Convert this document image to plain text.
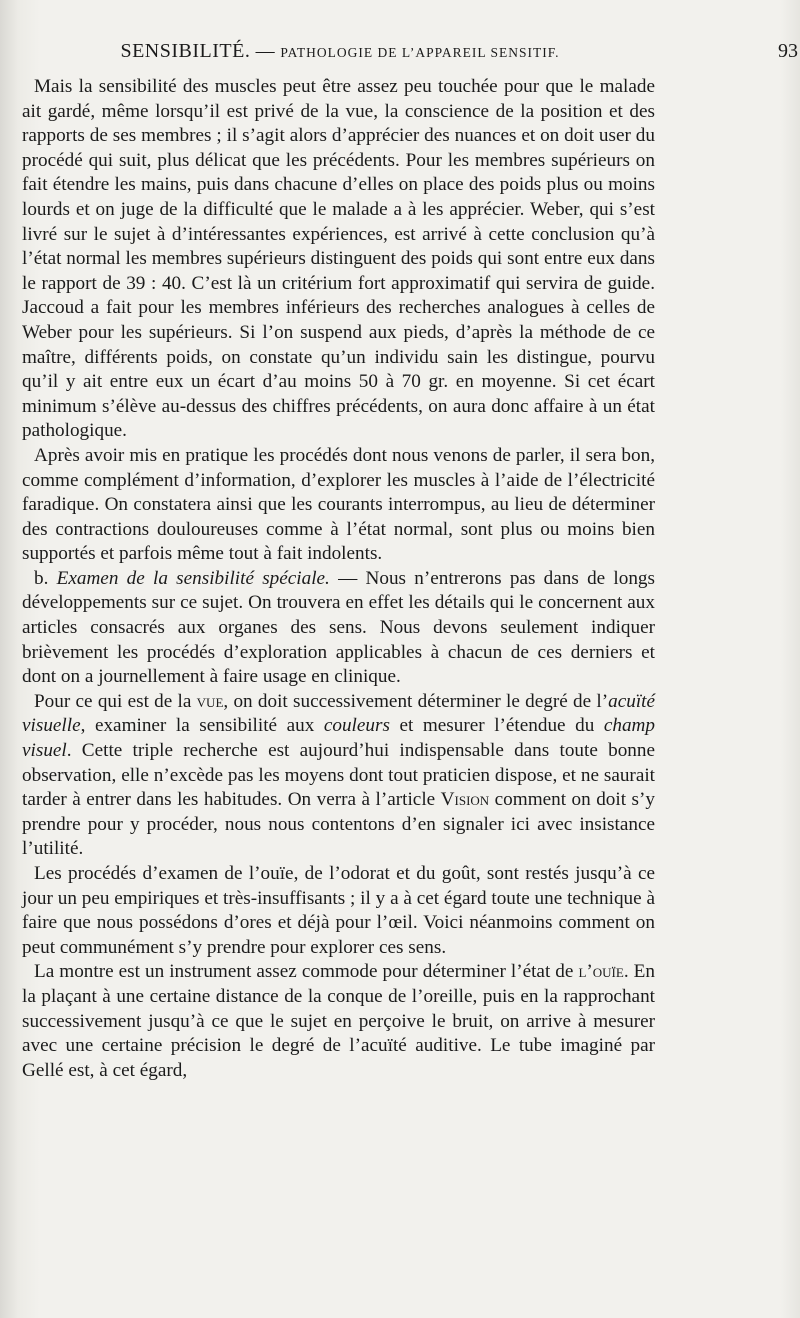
SENSIBILITÉ. — PATHOLOGIE DE L’APPAREIL SENSITIF.	93

Mais la sensibilité des muscles peut être assez peu touchée pour que le malade ait gardé, même lorsqu’il est privé de la vue, la conscience de la position et des rapports de ses membres ; il s’agit alors d’apprécier des nuances et on doit user du procédé qui suit, plus délicat que les précédents. Pour les membres supérieurs on fait étendre les mains, puis dans chacune d’elles on place des poids plus ou moins lourds et on juge de la difficulté que le malade a à les apprécier. Weber, qui s’est livré sur le sujet à d’intéressantes expériences, est arrivé à cette conclusion qu’à l’état normal les membres supérieurs distinguent des poids qui sont entre eux dans le rapport de 39 : 40. C’est là un critérium fort approximatif qui servira de guide. Jaccoud a fait pour les membres inférieurs des recherches analogues à celles de Weber pour les supérieurs. Si l’on suspend aux pieds, d’après la méthode de ce maître, différents poids, on constate qu’un individu sain les distingue, pourvu qu’il y ait entre eux un écart d’au moins 50 à 70 gr. en moyenne. Si cet écart minimum s’élève au-dessus des chiffres précédents, on aura donc affaire à un état pathologique.

Après avoir mis en pratique les procédés dont nous venons de parler, il sera bon, comme complément d’information, d’explorer les muscles à l’aide de l’électricité faradique. On constatera ainsi que les courants interrompus, au lieu de déterminer des contractions douloureuses comme à l’état normal, sont plus ou moins bien supportés et parfois même tout à fait indolents.

b. Examen de la sensibilité spéciale. — Nous n’entrerons pas dans de longs développements sur ce sujet. On trouvera en effet les détails qui le concernent aux articles consacrés aux organes des sens. Nous devons seulement indiquer brièvement les procédés d’exploration applicables à chacun de ces derniers et dont on a journellement à faire usage en clinique.

Pour ce qui est de la vue, on doit successivement déterminer le degré de l’acuïté visuelle, examiner la sensibilité aux couleurs et mesurer l’étendue du champ visuel. Cette triple recherche est aujourd’hui indispensable dans toute bonne observation, elle n’excède pas les moyens dont tout praticien dispose, et ne saurait tarder à entrer dans les habitudes. On verra à l’article Vision comment on doit s’y prendre pour y procéder, nous nous contentons d’en signaler ici avec insistance l’utilité.

Les procédés d’examen de l’ouïe, de l’odorat et du goût, sont restés jusqu’à ce jour un peu empiriques et très-insuffisants ; il y a à cet égard toute une technique à faire que nous possédons d’ores et déjà pour l’œil. Voici néanmoins comment on peut communément s’y prendre pour explorer ces sens.

La montre est un instrument assez commode pour déterminer l’état de l’ouïe. En la plaçant à une certaine distance de la conque de l’oreille, puis en la rapprochant successivement jusqu’à ce que le sujet en perçoive le bruit, on arrive à mesurer avec une certaine précision le degré de l’acuïté auditive. Le tube imaginé par Gellé est, à cet égard,
